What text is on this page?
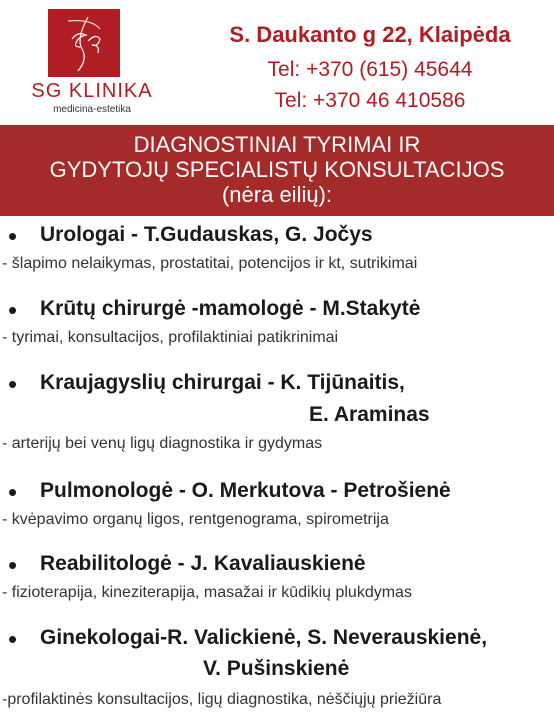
SG KLINIKA
medicina-estetika
S. Daukanto g 22, Klaipėda
Tel: +370 (615) 45644
Tel: +370 46 410586
DIAGNOSTINIAI TYRIMAI IR
GYDYTOJŲ SPECIALISTŲ KONSULTACIJOS
(nėra eilių):
• Urologai - T.Gudauskas, G. Jočys
- šlapimo nelaikymas, prostatitai, potencijos ir kt, sutrikimai
• Krūtų chirurgė -mamologė - M.Stakytė
- tyrimai, konsultacijos, profilaktiniai patikrinimai
• Kraujagyslių chirurgai - K. Tijūnaitis,
E. Araminas
- arterijų bei venų ligų diagnostika ir gydymas
• Pulmonologė - O. Merkutova - Petrošienė
- kvėpavimo organų ligos, rentgenograma, spirometrija
• Reabilitologė - J. Kavaliauskienė
- fizioterapija, kineziterapija, masažai ir kūdikių plukdymas
• Ginekologai-R. Valickienė, S. Neverauskienė,
V. Pušinskienė
-profilaktinės konsultacijos, ligų diagnostika, nėščiųjų priežiūra
